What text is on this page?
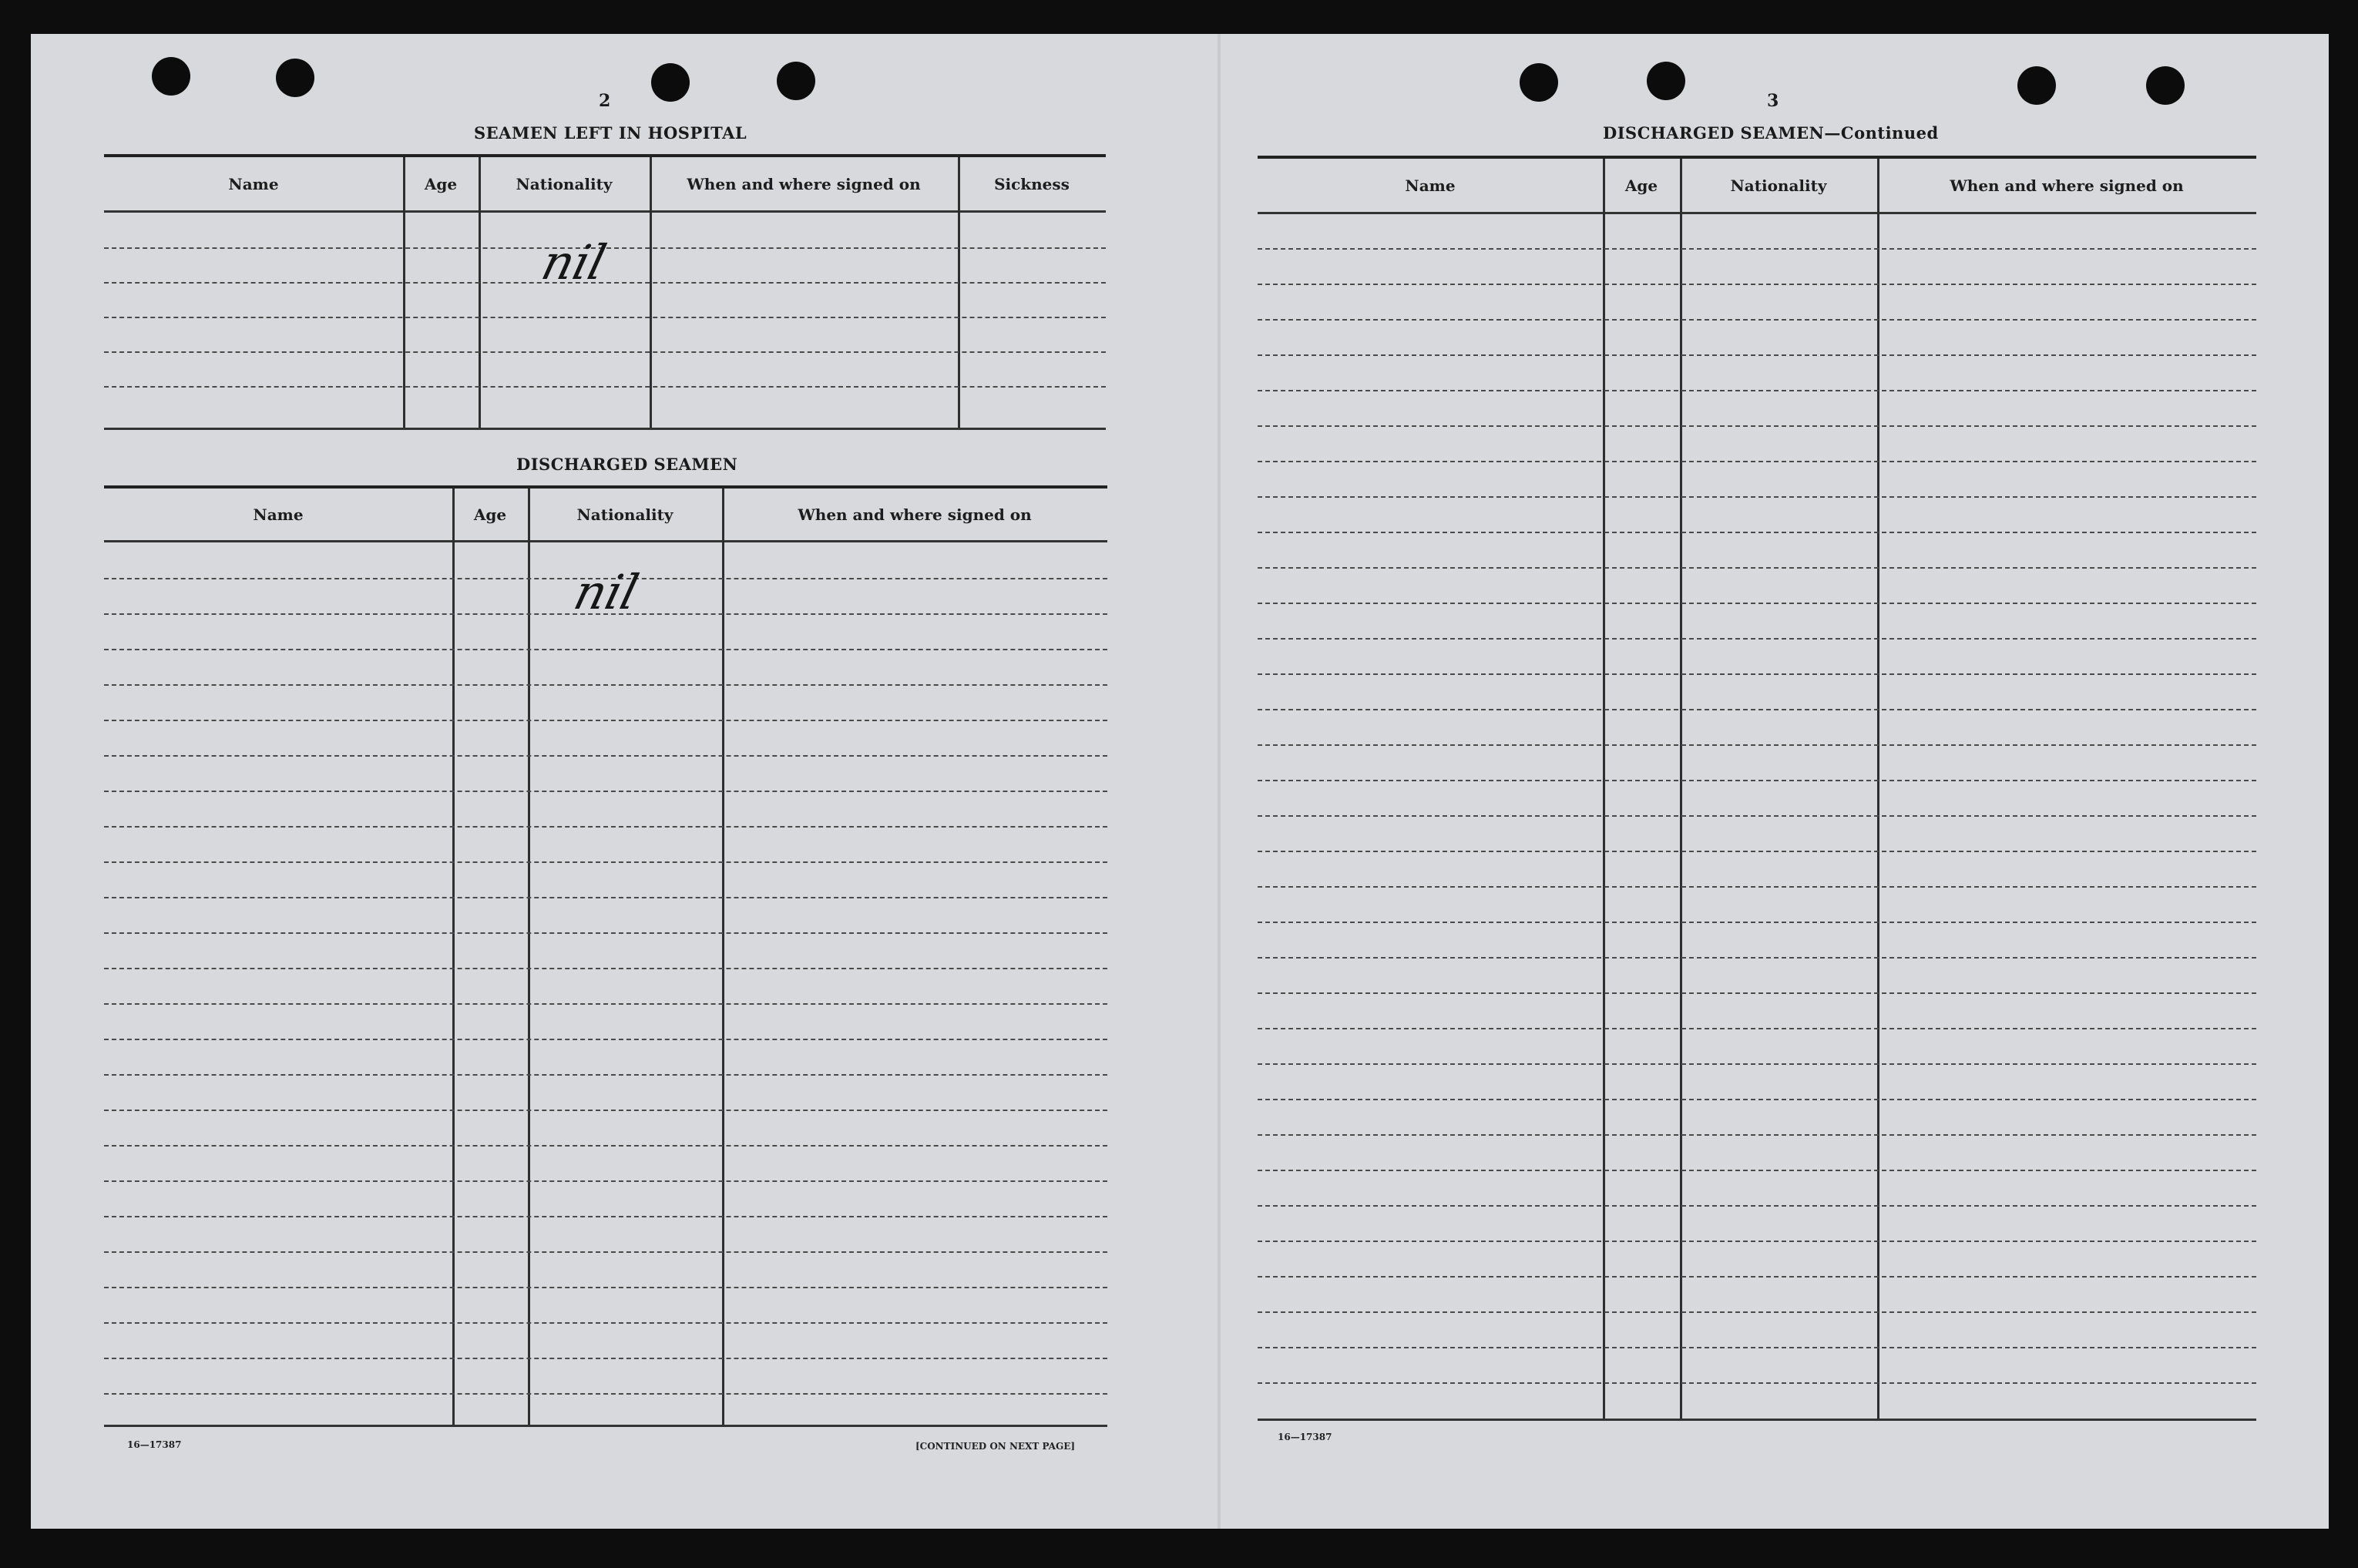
2
SEAMEN LEFT IN HOSPITAL
Name	Age	Nationality	When and where signed on	Sickness
nil
DISCHARGED SEAMEN
Name	Age	Nationality	When and where signed on
nil
16—17387	[CONTINUED ON NEXT PAGE]
3
DISCHARGED SEAMEN—Continued
Name	Age	Nationality	When and where signed on
16—17387
